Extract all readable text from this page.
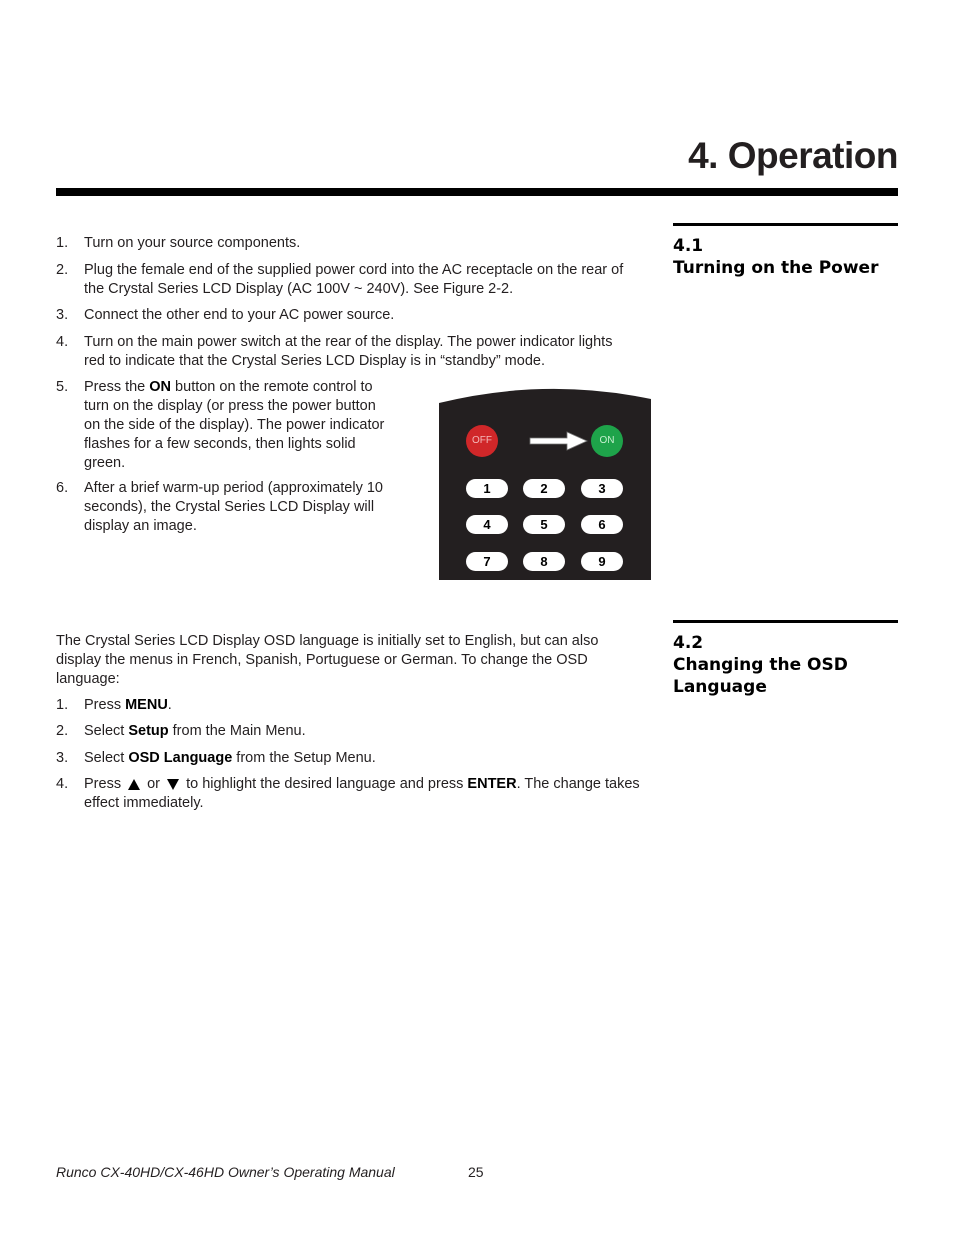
4. Operation
4.1
Turning on the Power
1.	Turn on your source components.
2.	Plug the female end of the supplied power cord into the AC receptacle on the rear of
the Crystal Series LCD Display (AC 100V ~ 240V). See Figure 2-2.
3.	Connect the other end to your AC power source.
4.	Turn on the main power switch at the rear of the display. The power indicator lights
red to indicate that the Crystal Series LCD Display is in “standby” mode.
5.	Press the ON button on the remote control to
turn on the display (or press the power button
on the side of the display). The power indicator
flashes for a few seconds, then lights solid
green.
6.	After a brief warm-up period (approximately 10
seconds), the Crystal Series LCD Display will
display an image.
OFF	ON
1	2	3
4	5	6
7	8	9
4.2
Changing the OSD
Language
The Crystal Series LCD Display OSD language is initially set to English, but can also
display the menus in French, Spanish, Portuguese or German. To change the OSD
language:
1.	Press MENU.
2.	Select Setup from the Main Menu.
3.	Select OSD Language from the Setup Menu.
4.	Press  or  to highlight the desired language and press ENTER. The change takes
effect immediately.
Runco CX-40HD/CX-46HD Owner’s Operating Manual	25
